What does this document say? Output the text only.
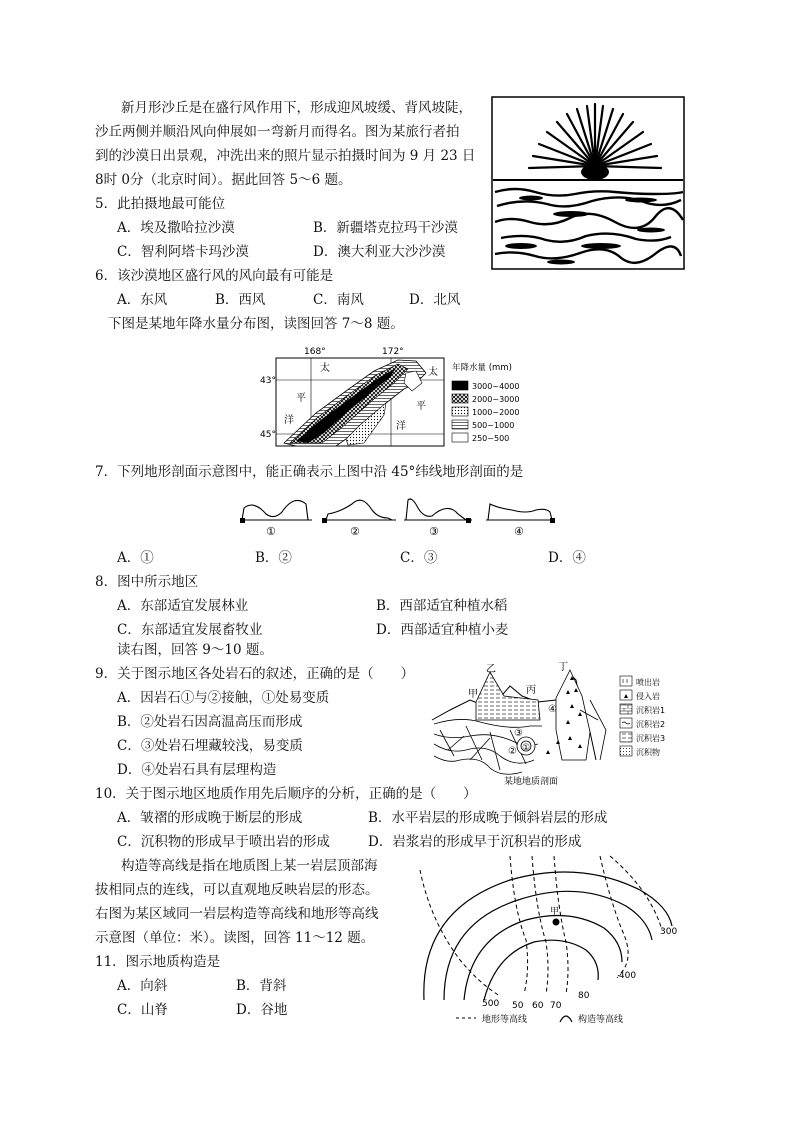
新月形沙丘是在盛行风作用下，形成迎风坡缓、背风坡陡，
沙丘两侧并顺沿风向伸展如一弯新月而得名。图为某旅行者拍
到的沙漠日出景观，冲洗出来的照片显示拍摄时间为 9 月 23 日
8时 0分（北京时间）。据此回答 5～6 题。
5．此拍摄地最可能位
A．埃及撒哈拉沙漠	B．新疆塔克拉玛干沙漠
C．智利阿塔卡玛沙漠	D．澳大利亚大沙沙漠
6．该沙漠地区盛行风的风向最有可能是
A．东风	B．西风	C．南风	D．北风
下图是某地年降水量分布图，读图回答 7～8 题。
168°	172°
43°
45°
太	太
平
平
洋
洋
年降水量 (mm)
3000~4000
2000~3000
1000~2000
500~1000
250~500
7．下列地形剖面示意图中，能正确表示上图中沿 45°纬线地形剖面的是
①	②	③	④
A．①	B．②	C．③	D．④
8．图中所示地区
A．东部适宜发展林业	B．西部适宜种植水稻
C．东部适宜发展畜牧业	D．西部适宜种植小麦
读右图，回答 9～10 题。
9．关于图示地区各处岩石的叙述，正确的是（　　）
A．因岩石①与②接触，①处易变质
B．②处岩石因高温高压而形成
C．③处岩石埋藏较浅，易变质
D．④处岩石具有层理构造
甲
乙
丙
丁
③
② ①
④
喷出岩
侵入岩
沉积岩1
沉积岩2
沉积岩3
沉积物
某地地质剖面
10．关于图示地区地质作用先后顺序的分析，正确的是（　　）
A．皱褶的形成晚于断层的形成	B．水平岩层的形成晚于倾斜岩层的形成
C．沉积物的形成早于喷出岩的形成	D．岩浆岩的形成早于沉积岩的形成
构造等高线是指在地质图上某一岩层顶部海
拔相同点的连线，可以直观地反映岩层的形态。
右图为某区域同一岩层构造等高线和地形等高线
示意图（单位：米）。读图，回答 11～12 题。
11．图示地质构造是
A．向斜	B．背斜
C．山脊	D．谷地
甲
300
.400
500 50 60 70
80
地形等高线	构造等高线
